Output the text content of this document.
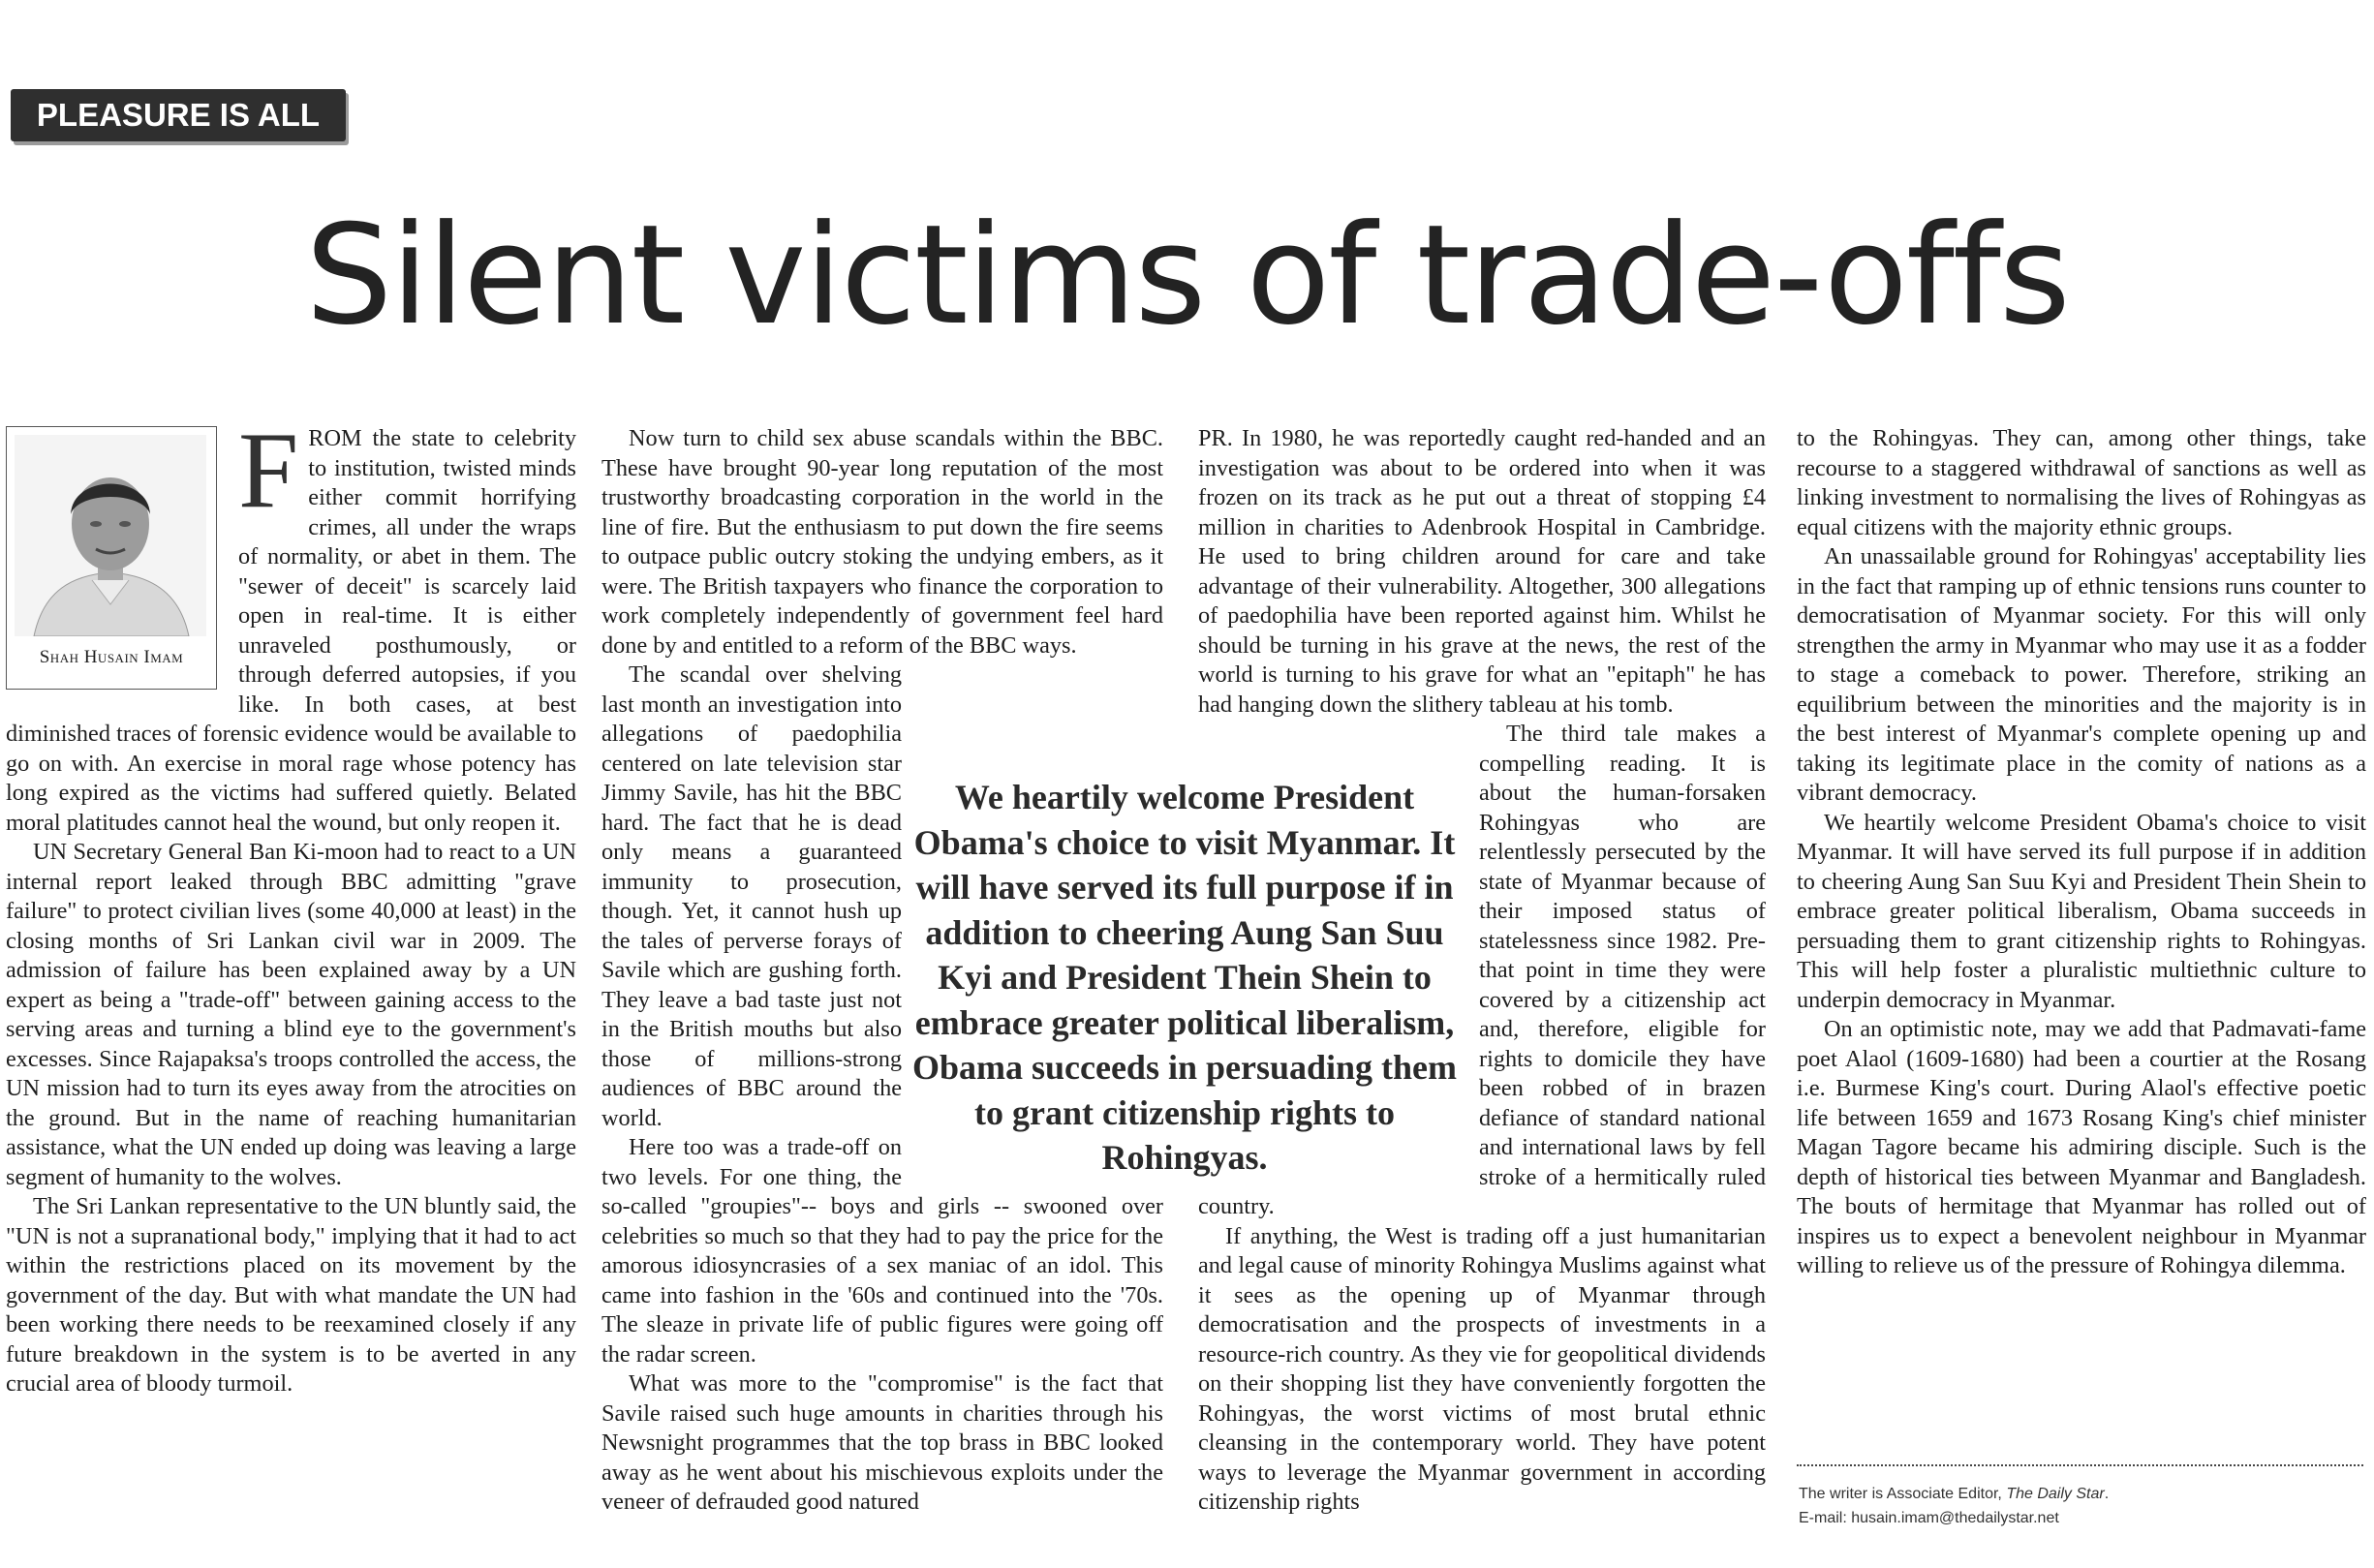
PLEASURE IS ALL MINE
Silent victims of trade-offs
Shah Husain Imam

Now turn to child sex abuse scandals within the BBC. These have brought 90-year long reputation of the most trustworthy broadcasting corporation in the world in the line of fire. But the enthusiasm to put down the fire seems to outpace public outcry stoking the undying embers, as it were. The British taxpayers who finance the corporation to work completely independently of government feel hard done by and entitled to a reform of the BBC ways.

The scandal over shelving last month an investigation into allegations of paedophilia centered on late television star Jimmy Savile, has hit the BBC hard. The fact that he is dead only means a guaranteed immunity to prosecution, though. Yet, it cannot hush up the tales of perverse forays of Savile which are gushing forth. They leave a bad taste just not in the British mouths but also those of millions-strong audiences of BBC around the world.

Here too was a trade-off on two levels. For one thing, the so-called "groupies"-- boys and girls -- swooned over celebrities so much so that they had to pay the price for the amorous idiosyncrasies of a sex maniac of an idol. This came into fashion in the '60s and continued into the '70s. The sleaze in private life of public figures were going off the radar screen.

What was more to the "compromise" is the fact that Savile raised such huge amounts in charities through his Newsnight programmes that the top brass in BBC looked away as he went about his mischievous exploits under the veneer of defrauded good natured

PR. In 1980, he was reportedly caught red-handed and an investigation was about to be ordered into when it was frozen on its track as he put out a threat of stopping £4 million in charities to Adenbrook Hospital in Cambridge. He used to bring children around for care and take advantage of their vulnerability. Altogether, 300 allegations of paedophilia have been reported against him. Whilst he should be turning in his grave at the news, the rest of the world is turning to his grave for what an "epitaph" he has had hanging down the slithery tableau at his tomb.

The third tale makes a compelling reading. It is about the human-forsaken Rohingyas who are relentlessly persecuted by the state of Myanmar because of their imposed status of statelessness since 1982. Pre-that point in time they were covered by a citizenship act and, therefore, eligible for rights to domicile they have been robbed of in brazen defiance of standard national and international laws by fell stroke of a hermitically ruled country.

If anything, the West is trading off a just humanitarian and legal cause of minority Rohingya Muslims against what it sees as the opening up of Myanmar through democratisation and the prospects of investments in a resource-rich country. As they vie for geopolitical dividends on their shopping list they have conveniently forgotten the Rohingyas, the worst victims of most brutal ethnic cleansing in the contemporary world. They have potent ways to leverage the Myanmar government in according citizenship rights

to the Rohingyas. They can, among other things, take recourse to a staggered withdrawal of sanctions as well as linking investment to normalising the lives of Rohingyas as equal citizens with the majority ethnic groups.

An unassailable ground for Rohingyas' acceptability lies in the fact that ramping up of ethnic tensions runs counter to democratisation of Myanmar society. For this will only strengthen the army in Myanmar who may use it as a fodder to stage a comeback to power. Therefore, striking an equilibrium between the minorities and the majority is in the best interest of Myanmar's complete opening up and taking its legitimate place in the comity of nations as a vibrant democracy.

We heartily welcome President Obama's choice to visit Myanmar. It will have served its full purpose if in addition to cheering Aung San Suu Kyi and President Thein Shein to embrace greater political liberalism, Obama succeeds in persuading them to grant citizenship rights to Rohingyas. This will help foster a pluralistic multiethnic culture to underpin democracy in Myanmar.

On an optimistic note, may we add that Padmavati-fame poet Alaol (1609-1680) had been a courtier at the Rosang i.e. Burmese King's court. During Alaol's effective poetic life between 1659 and 1673 Rosang King's chief minister Magan Tagore became his admiring disciple. Such is the depth of historical ties between Myanmar and Bangladesh. The bouts of hermitage that Myanmar has rolled out of inspires us to expect a benevolent neighbour in Myanmar willing to relieve us of the pressure of Rohingya dilemma.

We heartily welcome President Obama's choice to visit Myanmar. It will have served its full purpose if in addition to cheering Aung San Suu Kyi and President Thein Shein to embrace greater political liberalism, Obama succeeds in persuading them to grant citizenship rights to Rohingyas.
The writer is Associate Editor, The Daily Star.
E-mail: husain.imam@thedailystar.net

FROM the state to celebrity to institution, twisted minds either commit horrifying crimes, all under the wraps of normality, or abet in them. The "sewer of deceit" is scarcely laid open in real-time. It is either unraveled posthumously, or through deferred autopsies, if you like. In both cases, at best diminished traces of forensic evidence would be available to go on with. An exercise in moral rage whose potency has long expired as the victims had suffered quietly. Belated moral platitudes cannot heal the wound, but only reopen it.

UN Secretary General Ban Ki-moon had to react to a UN internal report leaked through BBC admitting "grave failure" to protect civilian lives (some 40,000 at least) in the closing months of Sri Lankan civil war in 2009. The admission of failure has been explained away by a UN expert as being a "trade-off" between gaining access to the serving areas and turning a blind eye to the government's excesses. Since Rajapaksa's troops controlled the access, the UN mission had to turn its eyes away from the atrocities on the ground. But in the name of reaching humanitarian assistance, what the UN ended up doing was leaving a large segment of humanity to the wolves.

The Sri Lankan representative to the UN bluntly said, the "UN is not a supranational body," implying that it had to act within the restrictions placed on its movement by the government of the day. But with what mandate the UN had been working there needs to be reexamined closely if any future breakdown in the system is to be averted in any crucial area of bloody turmoil.
